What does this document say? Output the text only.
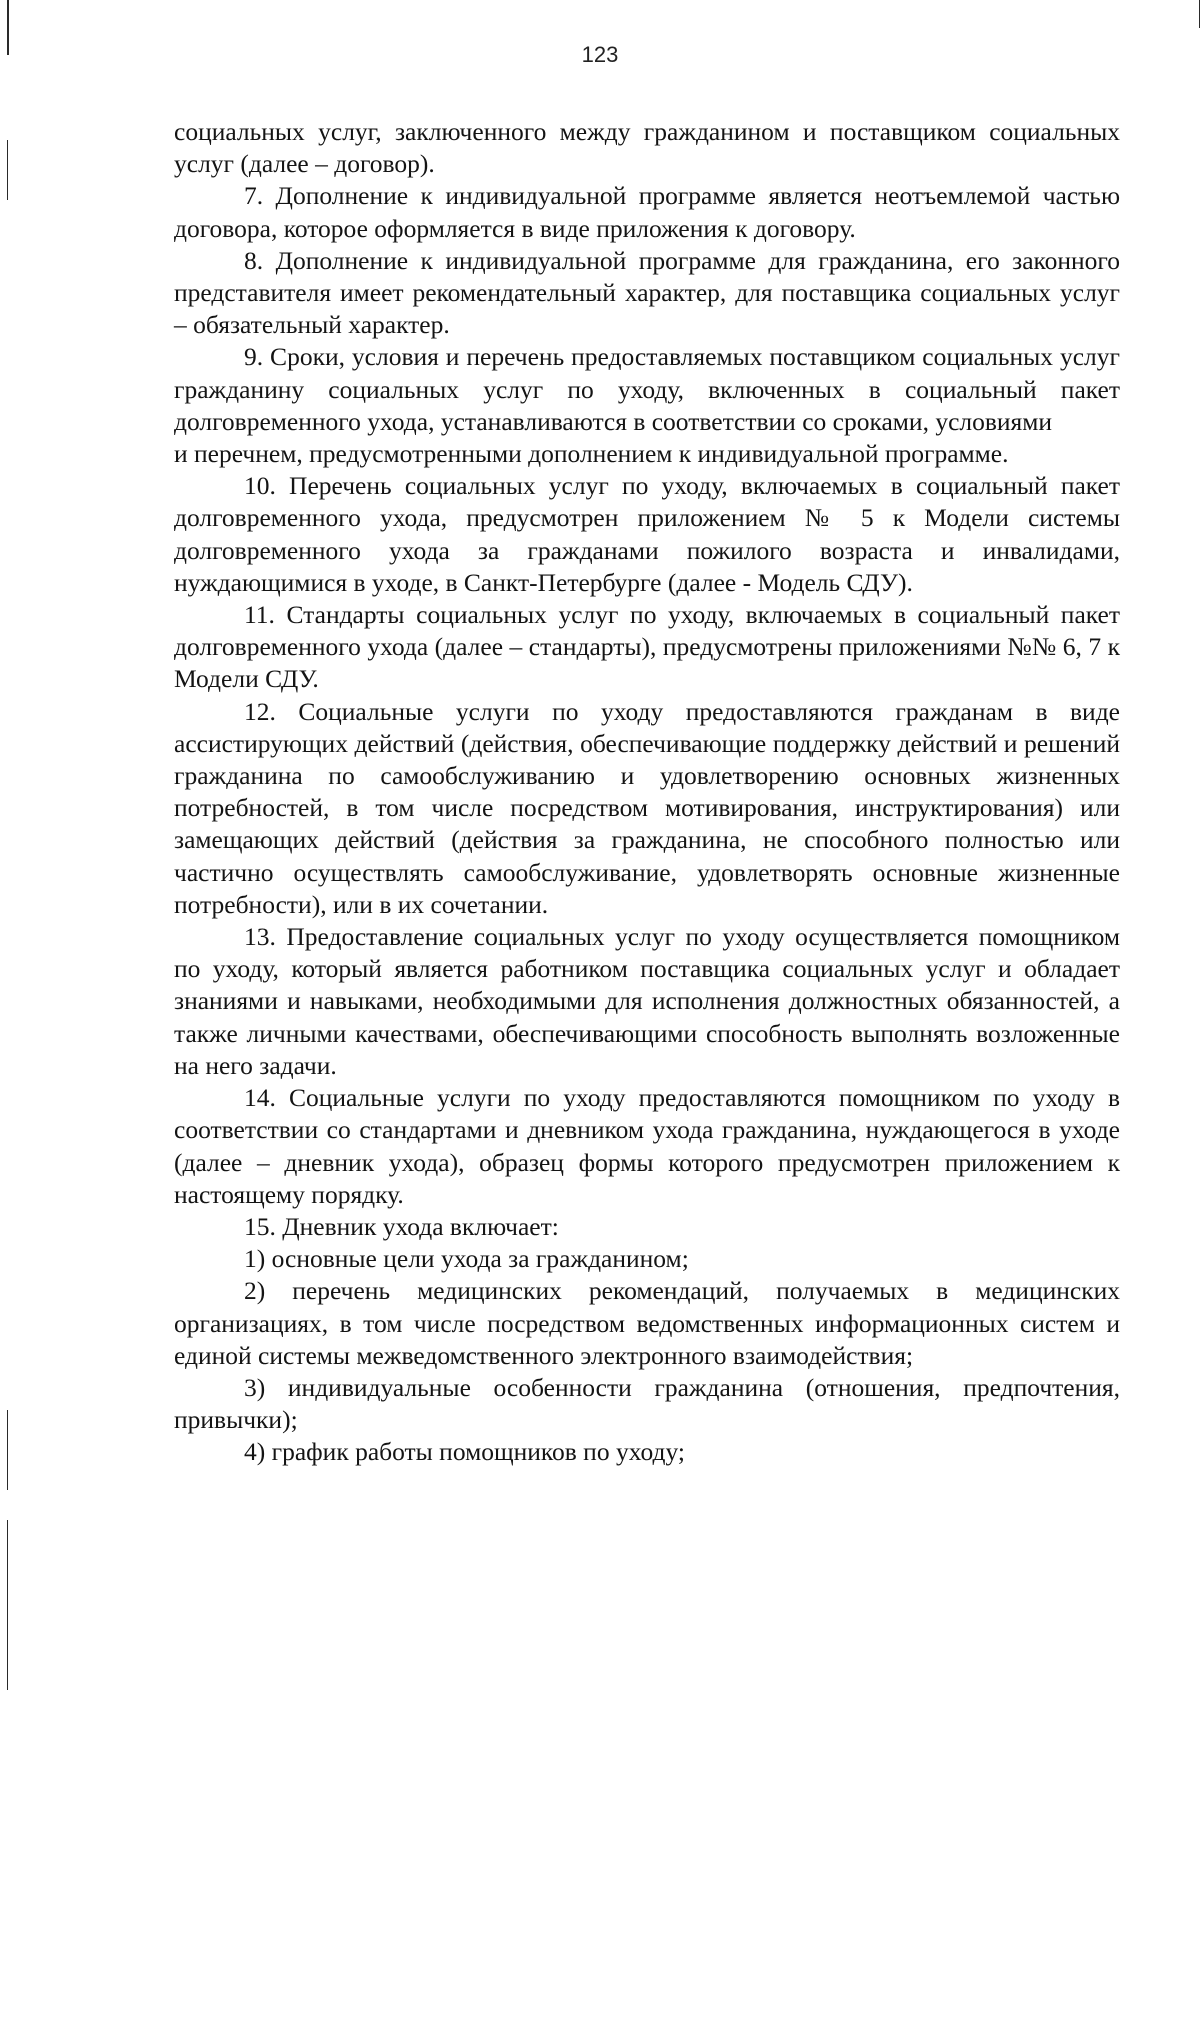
123

социальных услуг, заключенного между гражданином и поставщиком социальных услуг (далее – договор).

7. Дополнение к индивидуальной программе является неотъемлемой частью договора, которое оформляется в виде приложения к договору.

8. Дополнение к индивидуальной программе для гражданина, его законного представителя имеет рекомендательный характер, для поставщика социальных услуг – обязательный характер.

9. Сроки, условия и перечень предоставляемых поставщиком социальных услуг гражданину социальных услуг по уходу, включенных в социальный пакет долговременного ухода, устанавливаются в соответствии со сроками, условиями

и перечнем, предусмотренными дополнением к индивидуальной программе.

10. Перечень социальных услуг по уходу, включаемых в социальный пакет долговременного ухода, предусмотрен приложением № 5 к Модели системы долговременного ухода за гражданами пожилого возраста и инвалидами, нуждающимися в уходе, в Санкт-Петербурге (далее - Модель СДУ).

11. Стандарты социальных услуг по уходу, включаемых в социальный пакет долговременного ухода (далее – стандарты), предусмотрены приложениями №№ 6, 7 к Модели СДУ.

12. Социальные услуги по уходу предоставляются гражданам в виде ассистирующих действий (действия, обеспечивающие поддержку действий и решений гражданина по самообслуживанию и удовлетворению основных жизненных потребностей, в том числе посредством мотивирования, инструктирования) или замещающих действий (действия за гражданина, не способного полностью или частично осуществлять самообслуживание, удовлетворять основные жизненные потребности), или в их сочетании.

13. Предоставление социальных услуг по уходу осуществляется помощником по уходу, который является работником поставщика социальных услуг и обладает знаниями и навыками, необходимыми для исполнения должностных обязанностей, а также личными качествами, обеспечивающими способность выполнять возложенные на него задачи.

14. Социальные услуги по уходу предоставляются помощником по уходу в соответствии со стандартами и дневником ухода гражданина, нуждающегося в уходе (далее – дневник ухода), образец формы которого предусмотрен приложением к настоящему порядку.

15. Дневник ухода включает:

1) основные цели ухода за гражданином;

2) перечень медицинских рекомендаций, получаемых в медицинских организациях, в том числе посредством ведомственных информационных систем и единой системы межведомственного электронного взаимодействия;

3) индивидуальные особенности гражданина (отношения, предпочтения, привычки);

4) график работы помощников по уходу;
